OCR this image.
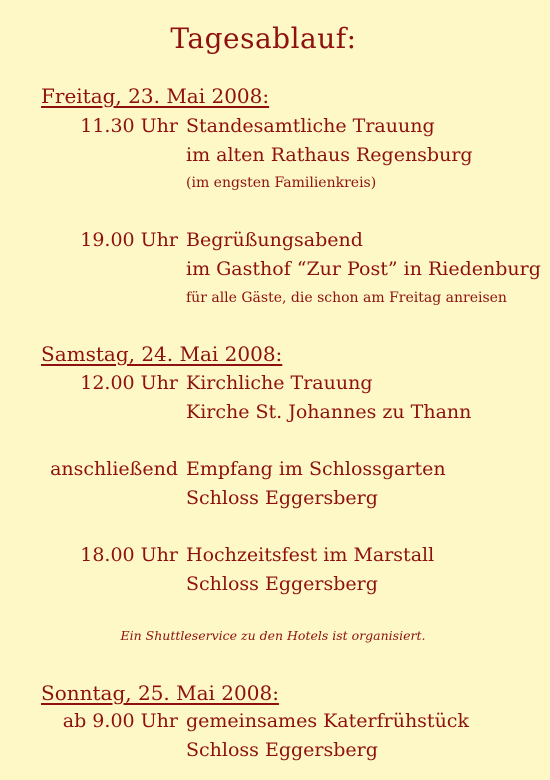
Tagesablauf:
Freitag, 23. Mai 2008:
11.30 Uhr Standesamtliche Trauung
im alten Rathaus Regensburg
(im engsten Familienkreis)
19.00 Uhr Begrüßungsabend
im Gasthof “Zur Post” in Riedenburg
für alle Gäste, die schon am Freitag anreisen
Samstag, 24. Mai 2008:
12.00 Uhr Kirchliche Trauung
Kirche St. Johannes zu Thann
anschließend Empfang im Schlossgarten
Schloss Eggersberg
18.00 Uhr Hochzeitsfest im Marstall
Schloss Eggersberg
Ein Shuttleservice zu den Hotels ist organisiert.
Sonntag, 25. Mai 2008:
ab 9.00 Uhr gemeinsames Katerfrühstück
Schloss Eggersberg
